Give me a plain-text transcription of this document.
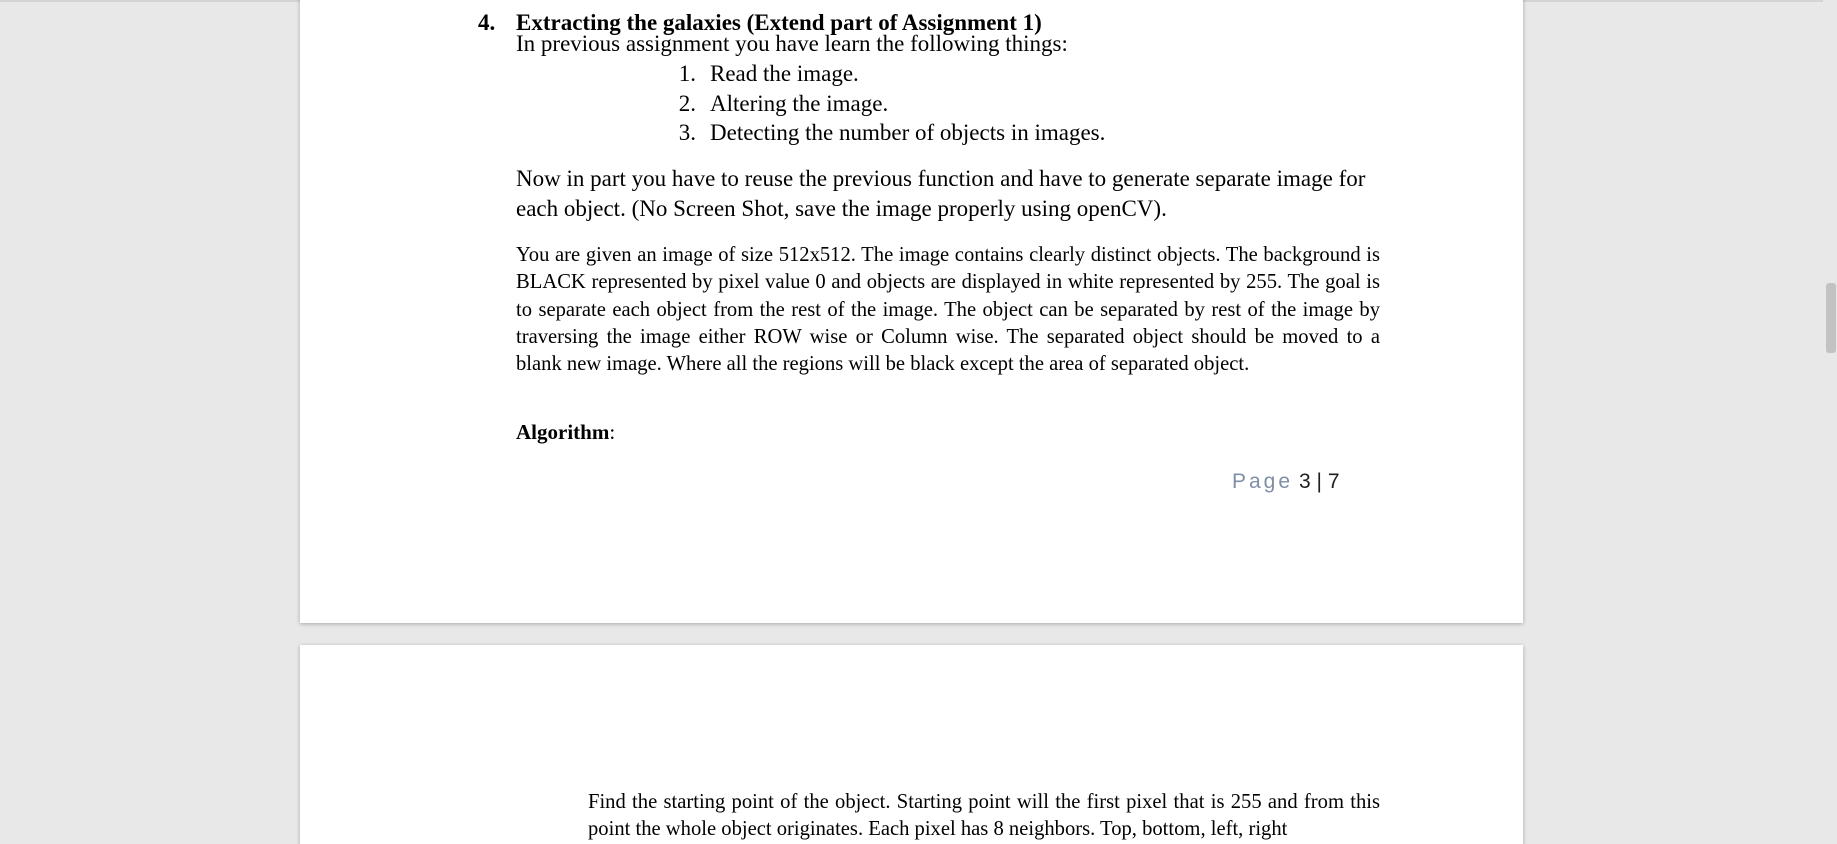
4. Extracting the galaxies (Extend part of Assignment 1)
In previous assignment you have learn the following things:
1. Read the image.
2. Altering the image.
3. Detecting the number of objects in images.
Now in part you have to reuse the previous function and have to generate separate image for each object. (No Screen Shot, save the image properly using openCV).
You are given an image of size 512x512. The image contains clearly distinct objects. The background is BLACK represented by pixel value 0 and objects are displayed in white represented by 255. The goal is to separate each object from the rest of the image. The object can be separated by rest of the image by traversing the image either ROW wise or Column wise. The separated object should be moved to a blank new image. Where all the regions will be black except the area of separated object.
Algorithm:
Page 3 | 7
Find the starting point of the object. Starting point will the first pixel that is 255 and from this point the whole object originates. Each pixel has 8 neighbors. Top, bottom, left, right
